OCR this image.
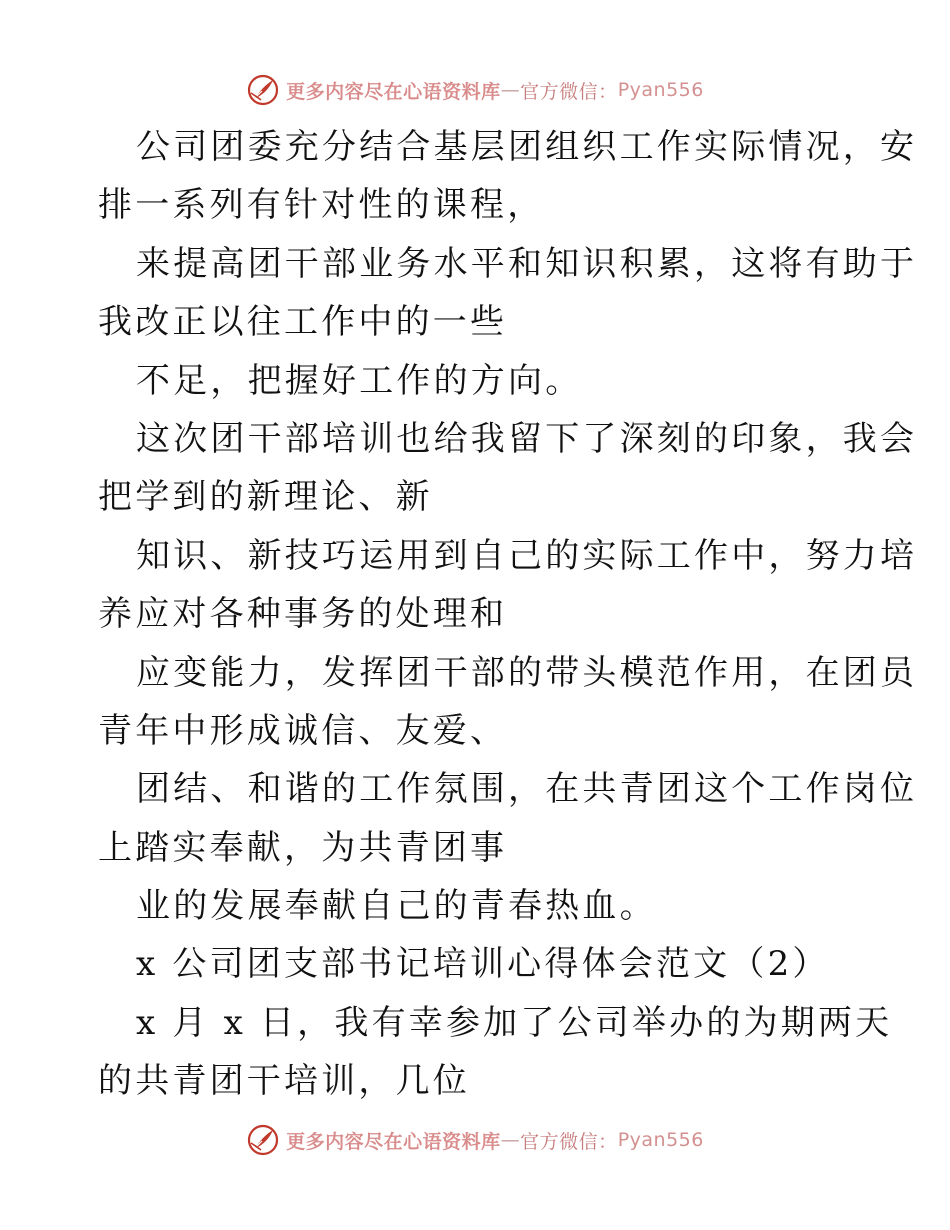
更多内容尽在心语资料库 — 官方微信： Pyan556
公司团委充分结合基层团组织工作实际情况，安
排一系列有针对性的课程，
来提高团干部业务水平和知识积累，这将有助于
我改正以往工作中的一些
不足，把握好工作的方向。
这次团干部培训也给我留下了深刻的印象，我会
把学到的新理论、新
知识、新技巧运用到自己的实际工作中，努力培
养应对各种事务的处理和
应变能力，发挥团干部的带头模范作用，在团员
青年中形成诚信、友爱、
团结、和谐的工作氛围，在共青团这个工作岗位
上踏实奉献，为共青团事
业的发展奉献自己的青春热血。
x 公司团支部书记培训心得体会范文（2）
x 月 x 日，我有幸参加了公司举办的为期两天
的共青团干培训，几位
更多内容尽在心语资料库 — 官方微信： Pyan556
